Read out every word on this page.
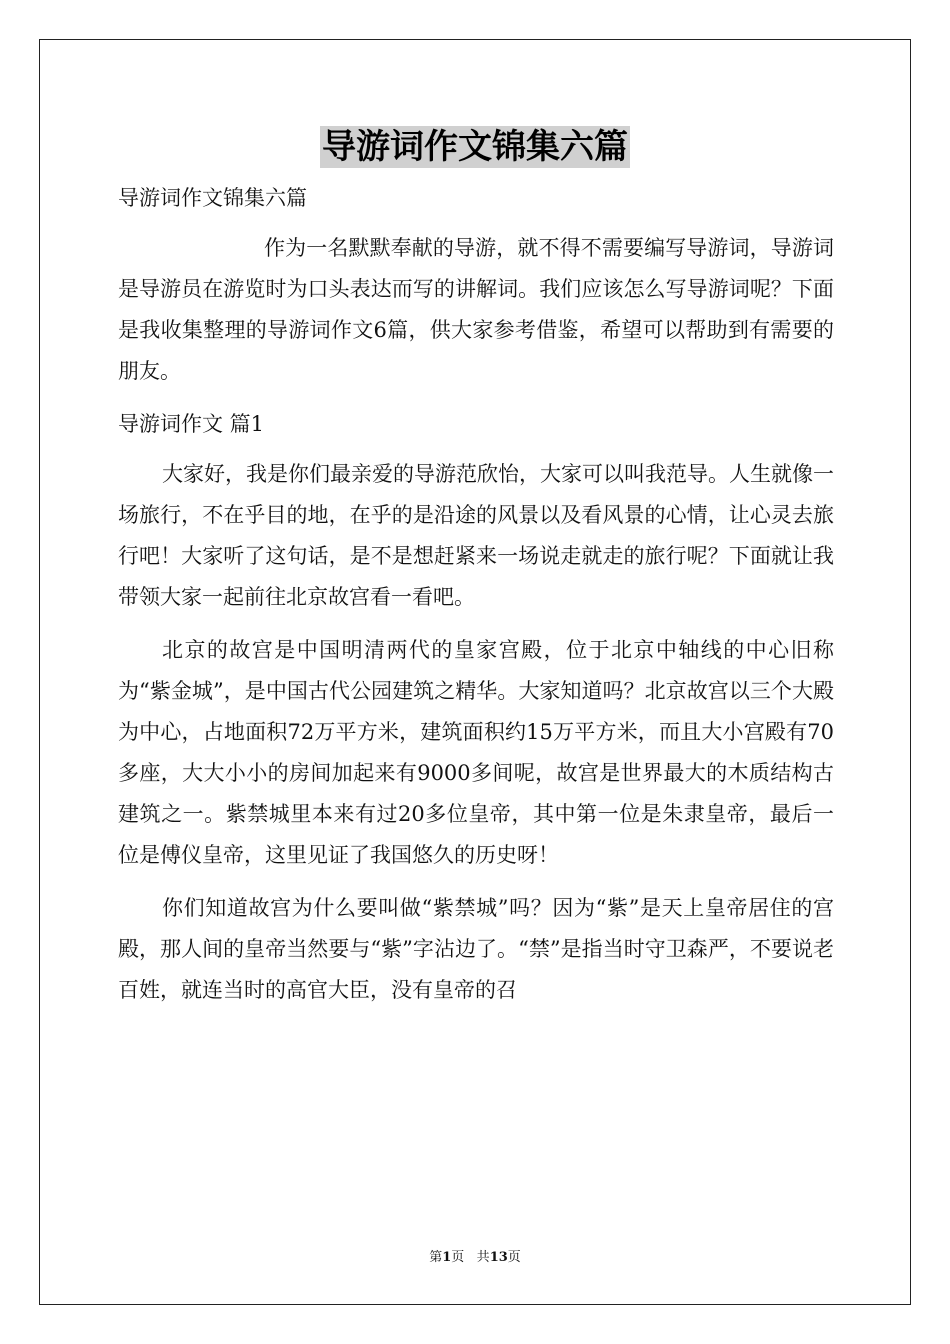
导游词作文锦集六篇

导游词作文锦集六篇

作为一名默默奉献的导游，就不得不需要编写导游词，导游词是导游员在游览时为口头表达而写的讲解词。我们应该怎么写导游词呢？下面是我收集整理的导游词作文6篇，供大家参考借鉴，希望可以帮助到有需要的朋友。

导游词作文 篇1

大家好，我是你们最亲爱的导游范欣怡，大家可以叫我范导。人生就像一场旅行，不在乎目的地，在乎的是沿途的风景以及看风景的心情，让心灵去旅行吧！大家听了这句话，是不是想赶紧来一场说走就走的旅行呢？下面就让我带领大家一起前往北京故宫看一看吧。

北京的故宫是中国明清两代的皇家宫殿，位于北京中轴线的中心旧称为“紫金城”，是中国古代公园建筑之精华。大家知道吗？北京故宫以三个大殿为中心，占地面积72万平方米，建筑面积约15万平方米，而且大小宫殿有70多座，大大小小的房间加起来有9000多间呢，故宫是世界最大的木质结构古建筑之一。紫禁城里本来有过20多位皇帝，其中第一位是朱隶皇帝，最后一位是傅仪皇帝，这里见证了我国悠久的历史呀！

你们知道故宫为什么要叫做“紫禁城”吗？因为“紫”是天上皇帝居住的宫殿，那人间的皇帝当然要与“紫”字沾边了。“禁”是指当时守卫森严，不要说老百姓，就连当时的高官大臣，没有皇帝的召

第1页 共13页
